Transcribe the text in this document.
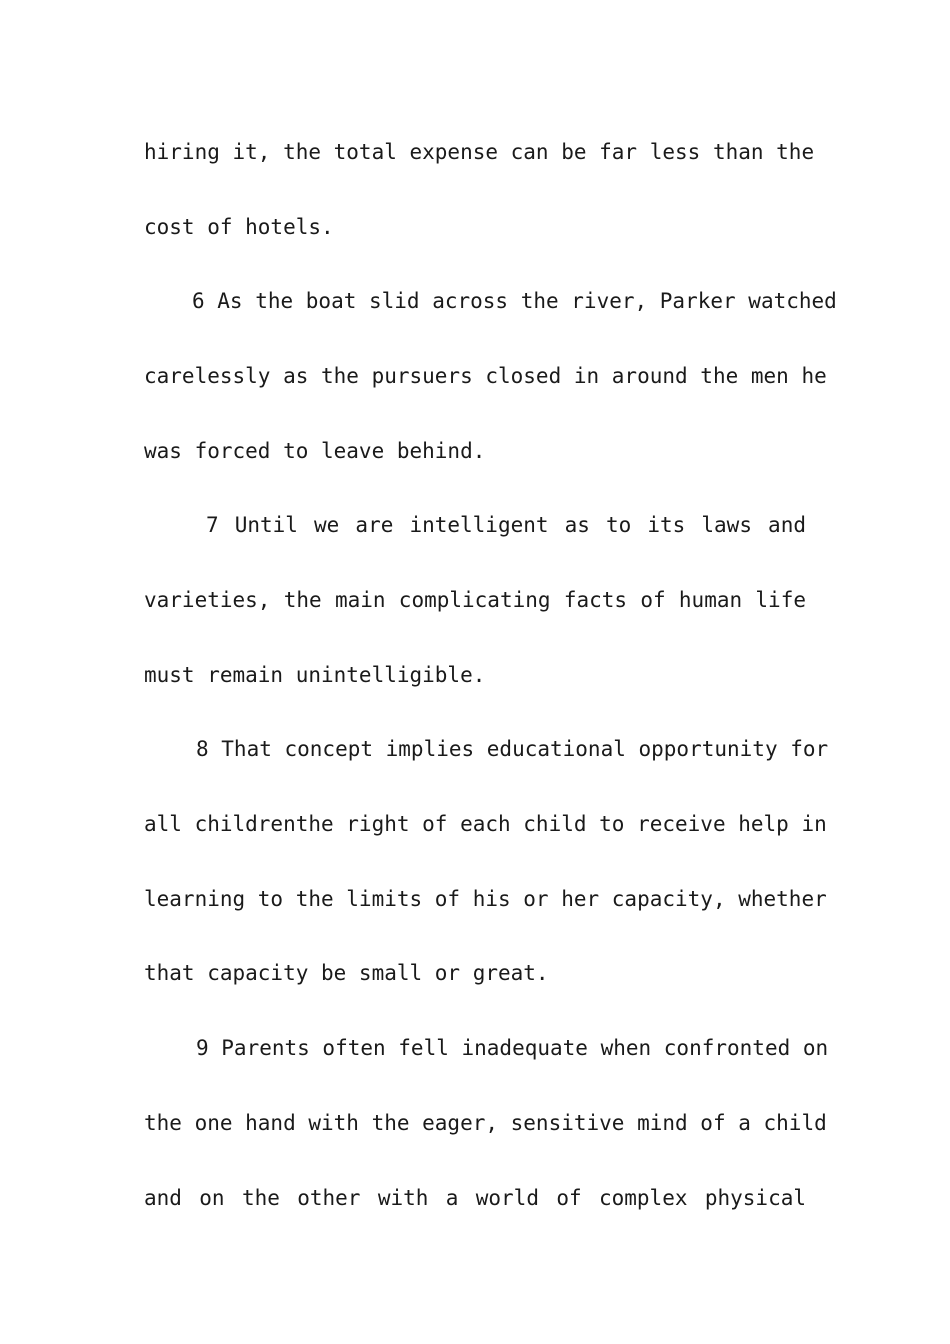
hiring it, the total expense can be far less than the
cost of hotels.
6 As the boat slid across the river, Parker watched
carelessly as the pursuers closed in around the men he
was forced to leave behind.
7 Until we are intelligent as to its laws and
varieties, the main complicating facts of human life
must remain unintelligible.
8 That concept implies educational opportunity for
all childrenthe right of each child to receive help in
learning to the limits of his or her capacity, whether
that capacity be small or great.
9 Parents often fell inadequate when confronted on
the one hand with the eager, sensitive mind of a child
and on the other with a world of complex physical
